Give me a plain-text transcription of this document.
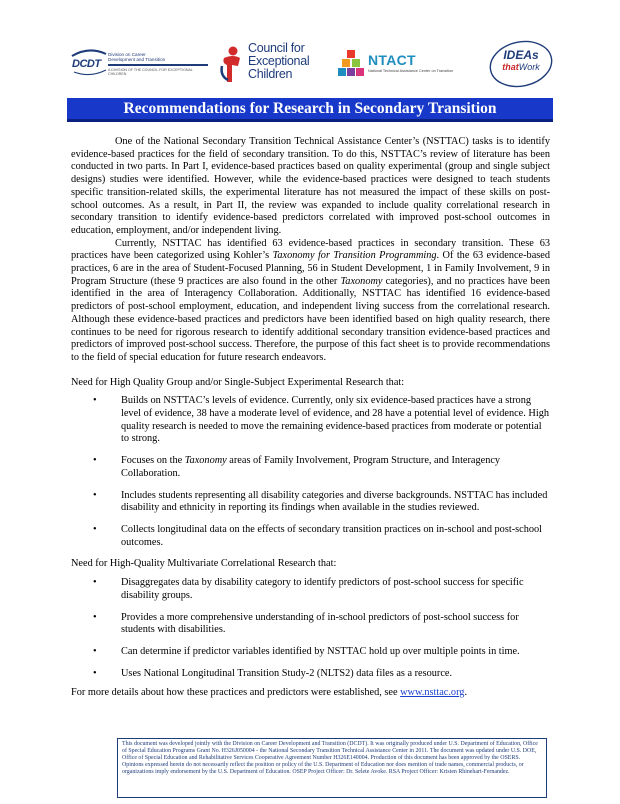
DCDT
Division on Career
Development and Transition
A DIVISION OF THE COUNCIL FOR EXCEPTIONAL CHILDREN
Council for
Exceptional
Children
NTACT
National Technical Assistance Center on Transition
IDEAs
thatWork
Recommendations for Research in Secondary Transition

One of the National Secondary Transition Technical Assistance Center’s (NSTTAC) tasks is to identify evidence-based practices for the field of secondary transition. To do this, NSTTAC’s review of literature has been conducted in two parts. In Part I, evidence-based practices based on quality experimental (group and single subject designs) studies were identified. However, while the evidence-based practices were designed to teach students specific transition-related skills, the experimental literature has not measured the impact of these skills on post-school outcomes. As a result, in Part II, the review was expanded to include quality correlational research in secondary transition to identify evidence-based predictors correlated with improved post-school outcomes in education, employment, and/or independent living.

Currently, NSTTAC has identified 63 evidence-based practices in secondary transition. These 63 practices have been categorized using Kohler’s Taxonomy for Transition Programming. Of the 63 evidence-based practices, 6 are in the area of Student-Focused Planning, 56 in Student Development, 1 in Family Involvement, 9 in Program Structure (these 9 practices are also found in the other Taxonomy categories), and no practices have been identified in the area of Interagency Collaboration. Additionally, NSTTAC has identified 16 evidence-based predictors of post-school employment, education, and independent living success from the correlational research. Although these evidence-based practices and predictors have been identified based on high quality research, there continues to be need for rigorous research to identify additional secondary transition evidence-based practices and predictors of improved post-school success. Therefore, the purpose of this fact sheet is to provide recommendations to the field of special education for future research endeavors.

Need for High Quality Group and/or Single-Subject Experimental Research that:

• Builds on NSTTAC’s levels of evidence. Currently, only six evidence-based practices have a strong level of evidence, 38 have a moderate level of evidence, and 28 have a potential level of evidence. High quality research is needed to move the remaining evidence-based practices from moderate or potential to strong.
• Focuses on the Taxonomy areas of Family Involvement, Program Structure, and Interagency Collaboration.
• Includes students representing all disability categories and diverse backgrounds. NSTTAC has included disability and ethnicity in reporting its findings when available in the studies reviewed.
• Collects longitudinal data on the effects of secondary transition practices on in-school and post-school outcomes.

Need for High-Quality Multivariate Correlational Research that:

• Disaggregates data by disability category to identify predictors of post-school success for specific disability groups.
• Provides a more comprehensive understanding of in-school predictors of post-school success for students with disabilities.
• Can determine if predictor variables identified by NSTTAC hold up over multiple points in time.
• Uses National Longitudinal Transition Study-2 (NLTS2) data files as a resource.

For more details about how these practices and predictors were established, see www.nsttac.org.

This document was developed jointly with the Division on Career Development and Transition (DCDT). It was originally produced under U.S. Department of Education, Office of Special Education Programs Grant No. H326J050004 - the National Secondary Transition Technical Assistance Center in 2011. The document was updated under U.S. DOE, Office of Special Education and Rehabilitative Services Cooperative Agreement Number H326E140004. Production of this document has been approved by the OSERS. Opinions expressed herein do not necessarily reflect the position or policy of the U.S. Department of Education nor does mention of trade names, commercial products, or organizations imply endorsement by the U.S. Department of Education. OSEP Project Officer: Dr. Selete Avoke. RSA Project Officer: Kristen Rhinehart-Fernandez.
